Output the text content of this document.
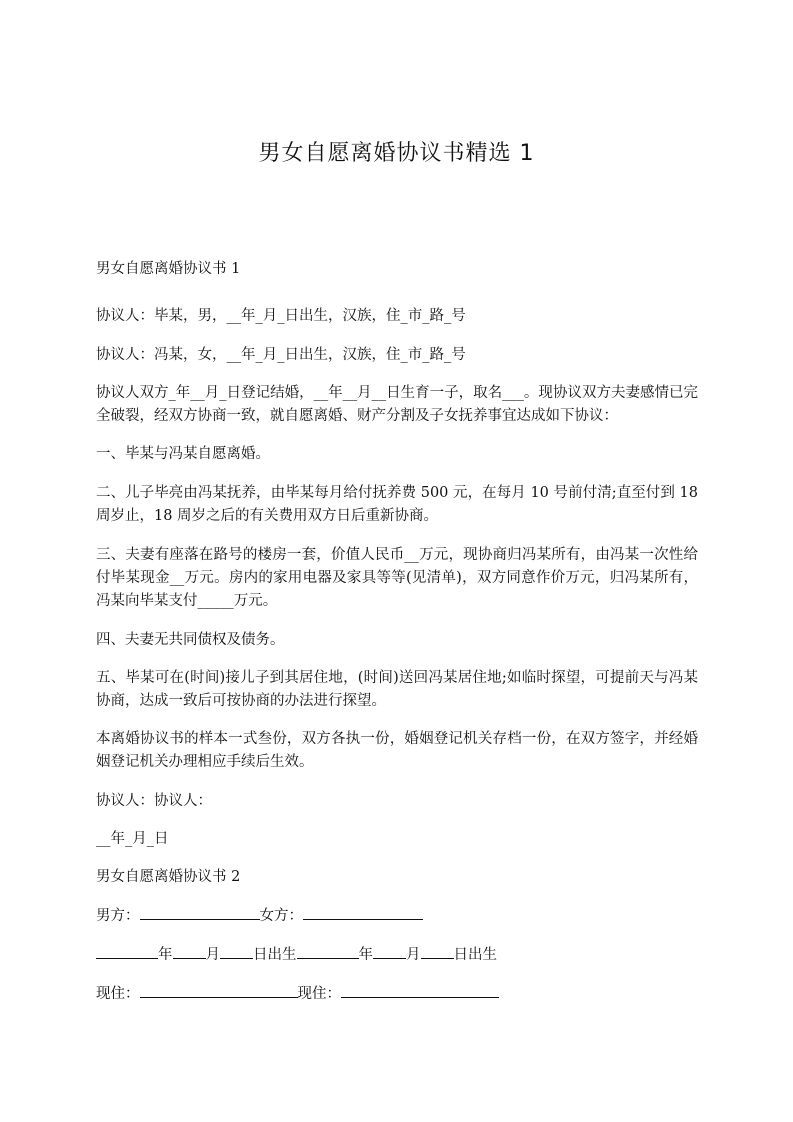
男女自愿离婚协议书精选 1

男女自愿离婚协议书 1

协议人：毕某，男，__年_月_日出生，汉族，住_市_路_号

协议人：冯某，女，__年_月_日出生，汉族，住_市_路_号

协议人双方_年__月_日登记结婚，__年__月__日生育一子，取名___。现协议双方夫妻感情已完全破裂，经双方协商一致，就自愿离婚、财产分割及子女抚养事宜达成如下协议：

一、毕某与冯某自愿离婚。

二、儿子毕亮由冯某抚养，由毕某每月给付抚养费 500 元，在每月 10 号前付清;直至付到 18 周岁止，18 周岁之后的有关费用双方日后重新协商。

三、夫妻有座落在路号的楼房一套，价值人民币__万元，现协商归冯某所有，由冯某一次性给付毕某现金__万元。房内的家用电器及家具等等(见清单)，双方同意作价万元，归冯某所有，冯某向毕某支付_____万元。

四、夫妻无共同债权及债务。

五、毕某可在(时间)接儿子到其居住地，(时间)送回冯某居住地;如临时探望，可提前天与冯某协商，达成一致后可按协商的办法进行探望。

本离婚协议书的样本一式叁份，双方各执一份，婚姻登记机关存档一份，在双方签字，并经婚姻登记机关办理相应手续后生效。

协议人：协议人：

__年_月_日

男女自愿离婚协议书 2

男方：	女方：

年 月 日出生	年 月 日出生

现住：	现住：
